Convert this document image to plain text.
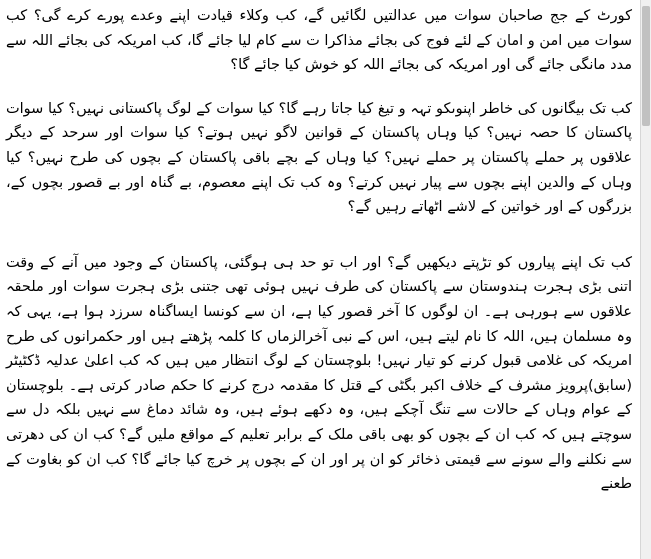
کورٹ کے جج صاحبان سوات میں عدالتیں لگائیں گے، کب وکلاء قیادت اپنے وعدے پورے کرے گی؟ کب سوات میں امن و امان کے لئے فوج کی بجائے مذاکرا ت سے کام لیا جائے گا، کب امریکہ کی بجائے اللہ سے مدد مانگی جائے گی اور امریکہ کی بجائے اللہ کو خوش کیا جائے گا؟

کب تک بیگانوں کی خاطر اپنوںکو تہہ و تیغ کیا جاتا رہے گا؟ کیا سوات کے لوگ پاکستانی نہیں؟ کیا سوات پاکستان کا حصہ نہیں؟ کیا وہاں پاکستان کے قوانین لاگو نہیں ہوتے؟ کیا سوات اور سرحد کے دیگر علاقوں پر حملے پاکستان پر حملے نہیں؟ کیا وہاں کے بچے باقی پاکستان کے بچوں کی طرح نہیں؟ کیا وہاں کے والدین اپنے بچوں سے پیار نہیں کرتے؟ وہ کب تک اپنے معصوم، بے گناہ اور بے قصور بچوں کے، بزرگوں کے اور خواتین کے لاشے اٹھاتے رہیں گے؟

کب تک اپنے پیاروں کو تڑپتے دیکھیں گے؟ اور اب تو حد ہی ہوگئی، پاکستان کے وجود میں آنے کے وقت اتنی بڑی ہجرت ہندوستان سے پاکستان کی طرف نہیں ہوئی تھی جتنی بڑی ہجرت سوات اور ملحقہ علاقوں سے ہورہی ہے۔ ان لوگوں کا آخر قصور کیا ہے، ان سے کونسا ایساگناہ سرزد ہوا ہے، یہی کہ وہ مسلمان ہیں، اللہ کا نام لیتے ہیں، اس کے نبی آخرالزماں کا کلمہ پڑھتے ہیں اور حکمرانوں کی طرح امریکہ کی غلامی قبول کرنے کو تیار نہیں! بلوچستان کے لوگ انتظار میں ہیں کہ کب اعلیٰ عدلیہ ڈکٹیٹر (سابق)پرویز مشرف کے خلاف اکبر بگٹی کے قتل کا مقدمہ درج کرنے کا حکم صادر کرتی ہے۔ بلوچستان کے عوام وہاں کے حالات سے تنگ آچکے ہیں، وہ دکھے ہوئے ہیں، وہ شائد دماغ سے نہیں بلکہ دل سے سوچتے ہیں کہ کب ان کے بچوں کو بھی باقی ملک کے برابر تعلیم کے مواقع ملیں گے؟ کب ان کی دھرتی سے نکلنے والے سونے سے قیمتی ذخائر کو ان پر اور ان کے بچوں پر خرچ کیا جائے گا؟ کب ان کو بغاوت کے طعنے
